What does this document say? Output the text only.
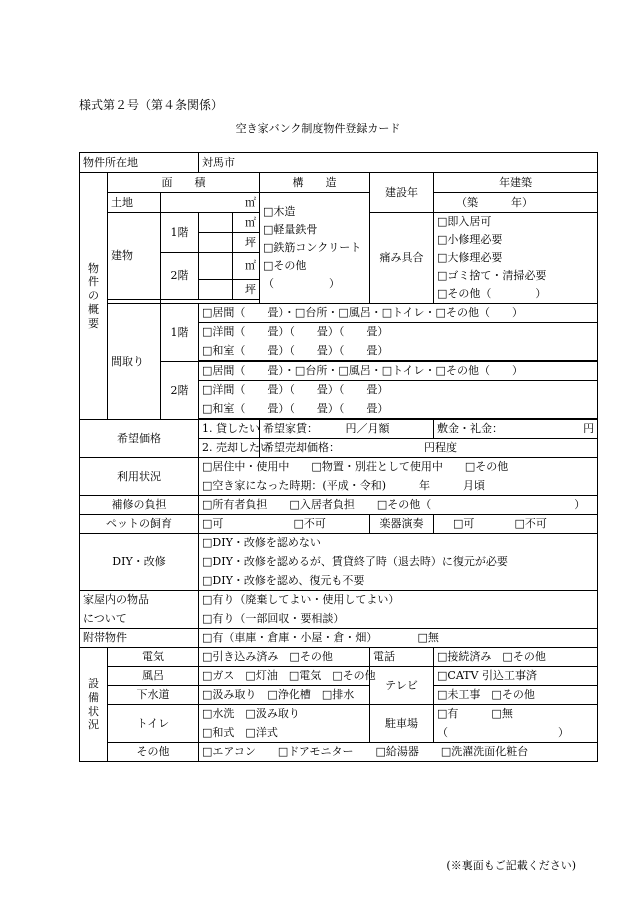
様式第２号（第４条関係）
空き家バンク制度物件登録カード
物件所在地			対馬市				

物
件
の
概
要	面　　積				構　　造	建設年	年建築
	土地	㎡			□木造
□軽量鉄骨
□鉄筋コンクリート
□その他
（　　　　　）		（築　　　年）
	建物	1階		㎡		痛み具合	□即入居可
□小修理必要
□大修理必要
□ゴミ捨て・清掃必要
□その他（　　　　）

				坪			
		2階		㎡			
				坪			

	間取り	1階	□居間（　　畳）・□台所・□風呂・□トイレ・□その他（　　）				
			□洋間（　　畳）（　　畳）（　　畳）				
			□和室（　　畳）（　　畳）（　　畳）				

		2階	□居間（　　畳）・□台所・□風呂・□トイレ・□その他（　　）				
			□洋間（　　畳）（　　畳）（　　畳）				
			□和室（　　畳）（　　畳）（　　畳）				

希望価格			1. 貸したい		希望家賃：　　　円／月額		敷金・礼金： 円

			2. 売却したい		希望売却価格： 円程度		
利用状況			□居住中・使用中　　□物置・別荘として使用中　　□その他				
			□空き家になった時期：(平成・令和)　　　年　　　月頃				
補修の負担			□所有者負担　　□入居者負担　　□その他（　　　　　　　　　　　　　）				
ペットの飼育			□可 □不可			楽器演奏	□可 □不可
DIY・改修			□DIY・改修を認めない				
			□DIY・改修を認めるが、賃貸終了時（退去時）に復元が必要				
			□DIY・改修を認め、復元も不要				
家屋内の物品			□有り（廃棄してよい・使用してよい）				
について			□有り（一部回収・要相談）				
附帯物件			□有（車庫・倉庫・小屋・倉・畑） □無				

設
備
状
況	電気		□引き込み済み　□その他			電話	□接続済み　□その他
	風呂		□ガス　□灯油　□電気　□その他			テレビ	□CATV 引込工事済
	下水道		□汲み取り　□浄化槽　□排水				□未工事　□その他
	トイレ		□水洗　□汲み取り			駐車場	□有　　　□無
			□和式　□洋式				（　　　　　　　　　　）
	その他		□エアコン　　□ドアモニター　　□給湯器　　□洗濯洗面化粧台				
(※裏面もご記載ください)
